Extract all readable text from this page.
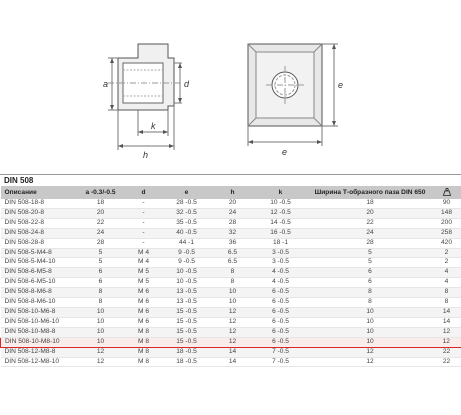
a	d
k
h
e
e
DIN 508
Описание	a -0.3/-0.5	d	e	h	k	Ширина Т-образного паза DIN 650	
DIN 508-18-8	18	-	28 -0.5	20	10 -0.5	18	90
DIN 508-20-8	20	-	32 -0.5	24	12 -0.5	20	148
DIN 508-22-8	22	-	35 -0.5	28	14 -0.5	22	200
DIN 508-24-8	24	-	40 -0.5	32	16 -0.5	24	258
DIN 508-28-8	28	-	44 -1	36	18 -1	28	420
DIN 508-5-M4-8	5	M 4	9 -0.5	6.5	3 -0.5	5	2
DIN 508-5-M4-10	5	M 4	9 -0.5	6.5	3 -0.5	5	2
DIN 508-6-M5-8	6	M 5	10 -0.5	8	4 -0.5	6	4
DIN 508-6-M5-10	6	M 5	10 -0.5	8	4 -0.5	6	4
DIN 508-8-M6-8	8	M 6	13 -0.5	10	6 -0.5	8	8
DIN 508-8-M6-10	8	M 6	13 -0.5	10	6 -0.5	8	8
DIN 508-10-M6-8	10	M 6	15 -0.5	12	6 -0.5	10	14
DIN 508-10-M6-10	10	M 6	15 -0.5	12	6 -0.5	10	14
DIN 508-10-M8-8	10	M 8	15 -0.5	12	6 -0.5	10	12
DIN 508-10-M8-10	10	M 8	15 -0.5	12	6 -0.5	10	12
DIN 508-12-M8-8	12	M 8	18 -0.5	14	7 -0.5	12	22
DIN 508-12-M8-10	12	M 8	18 -0.5	14	7 -0.5	12	22
